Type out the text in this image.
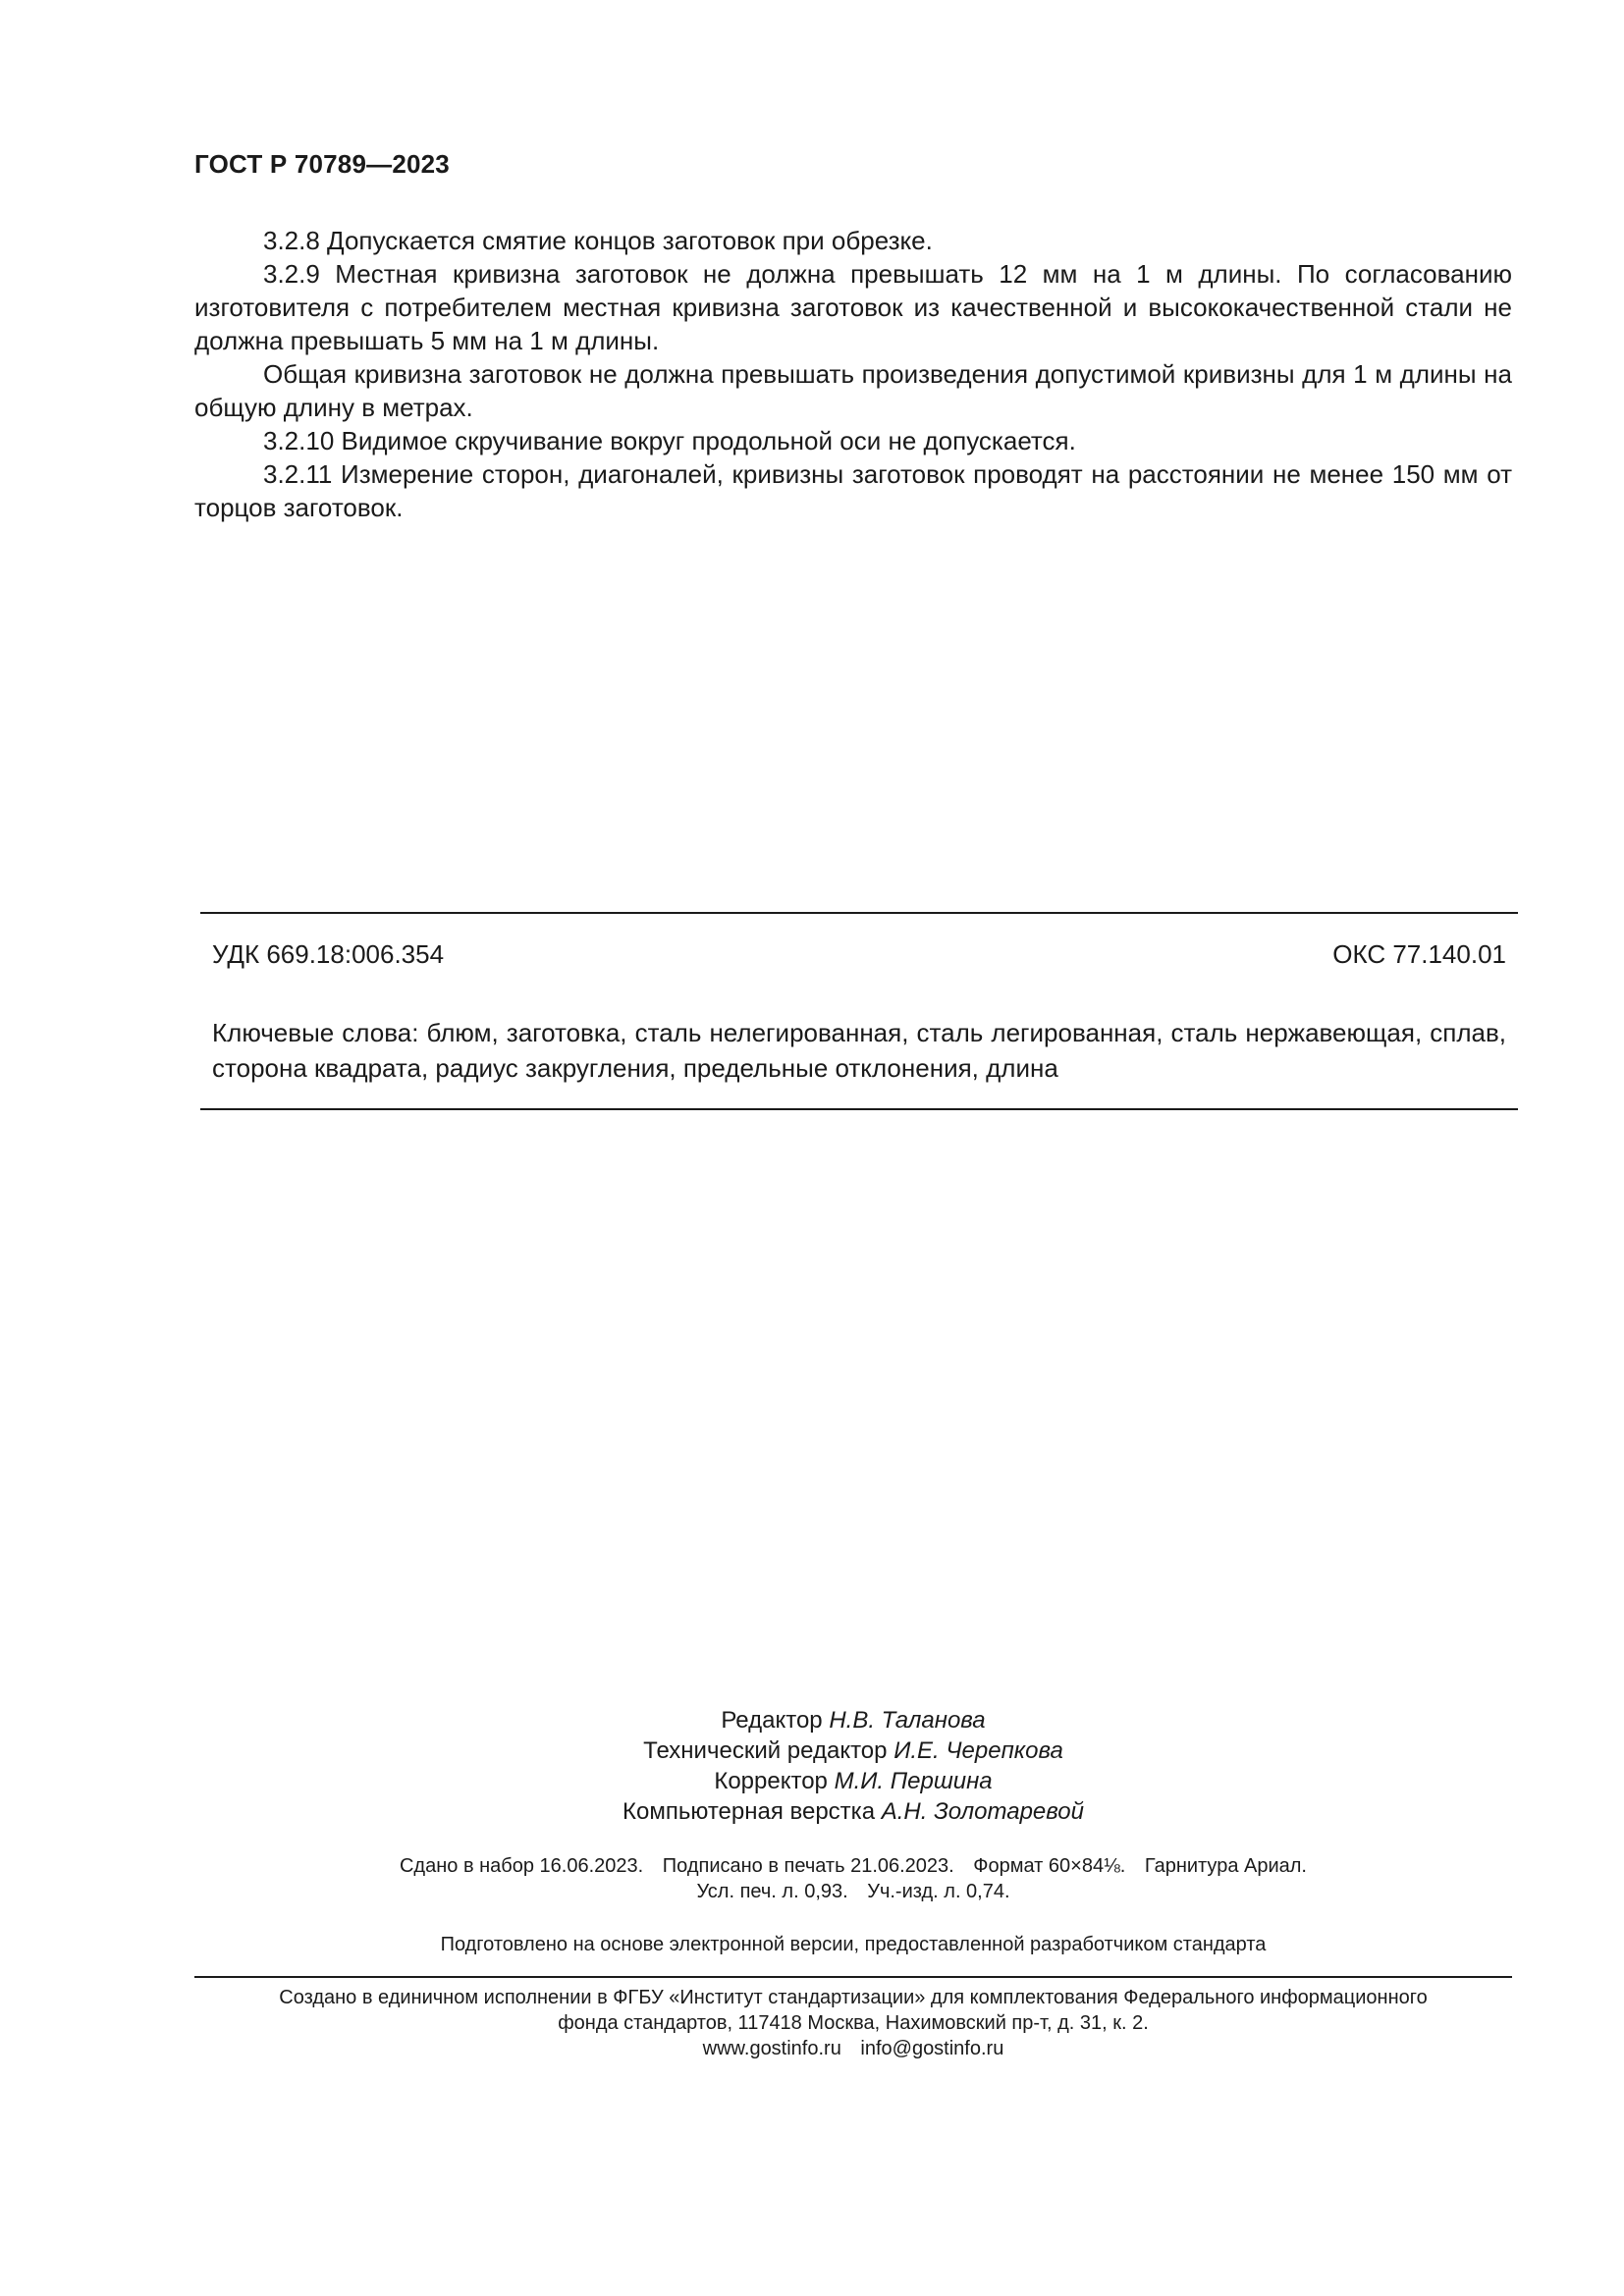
ГОСТ Р 70789—2023

3.2.8 Допускается смятие концов заготовок при обрезке.

3.2.9 Местная кривизна заготовок не должна превышать 12 мм на 1 м длины. По согласованию изготовителя с потребителем местная кривизна заготовок из качественной и высококачественной стали не должна превышать 5 мм на 1 м длины.

Общая кривизна заготовок не должна превышать произведения допустимой кривизны для 1 м длины на общую длину в метрах.

3.2.10 Видимое скручивание вокруг продольной оси не допускается.

3.2.11 Измерение сторон, диагоналей, кривизны заготовок проводят на расстоянии не менее 150 мм от торцов заготовок.

УДК 669.18:006.354	ОКС 77.140.01
Ключевые слова: блюм, заготовка, сталь нелегированная, сталь легированная, сталь нержавеющая, сплав, сторона квадрата, радиус закругления, предельные отклонения, длина
Редактор Н.В. Таланова
Технический редактор И.Е. Черепкова
Корректор М.И. Першина
Компьютерная верстка А.Н. Золотаревой
Сдано в набор 16.06.2023. Подписано в печать 21.06.2023. Формат 60×84⅛. Гарнитура Ариал.
Усл. печ. л. 0,93. Уч.-изд. л. 0,74.
Подготовлено на основе электронной версии, предоставленной разработчиком стандарта
Создано в единичном исполнении в ФГБУ «Институт стандартизации» для комплектования Федерального информационного
фонда стандартов, 117418 Москва, Нахимовский пр-т, д. 31, к. 2.
www.gostinfo.ru info@gostinfo.ru
